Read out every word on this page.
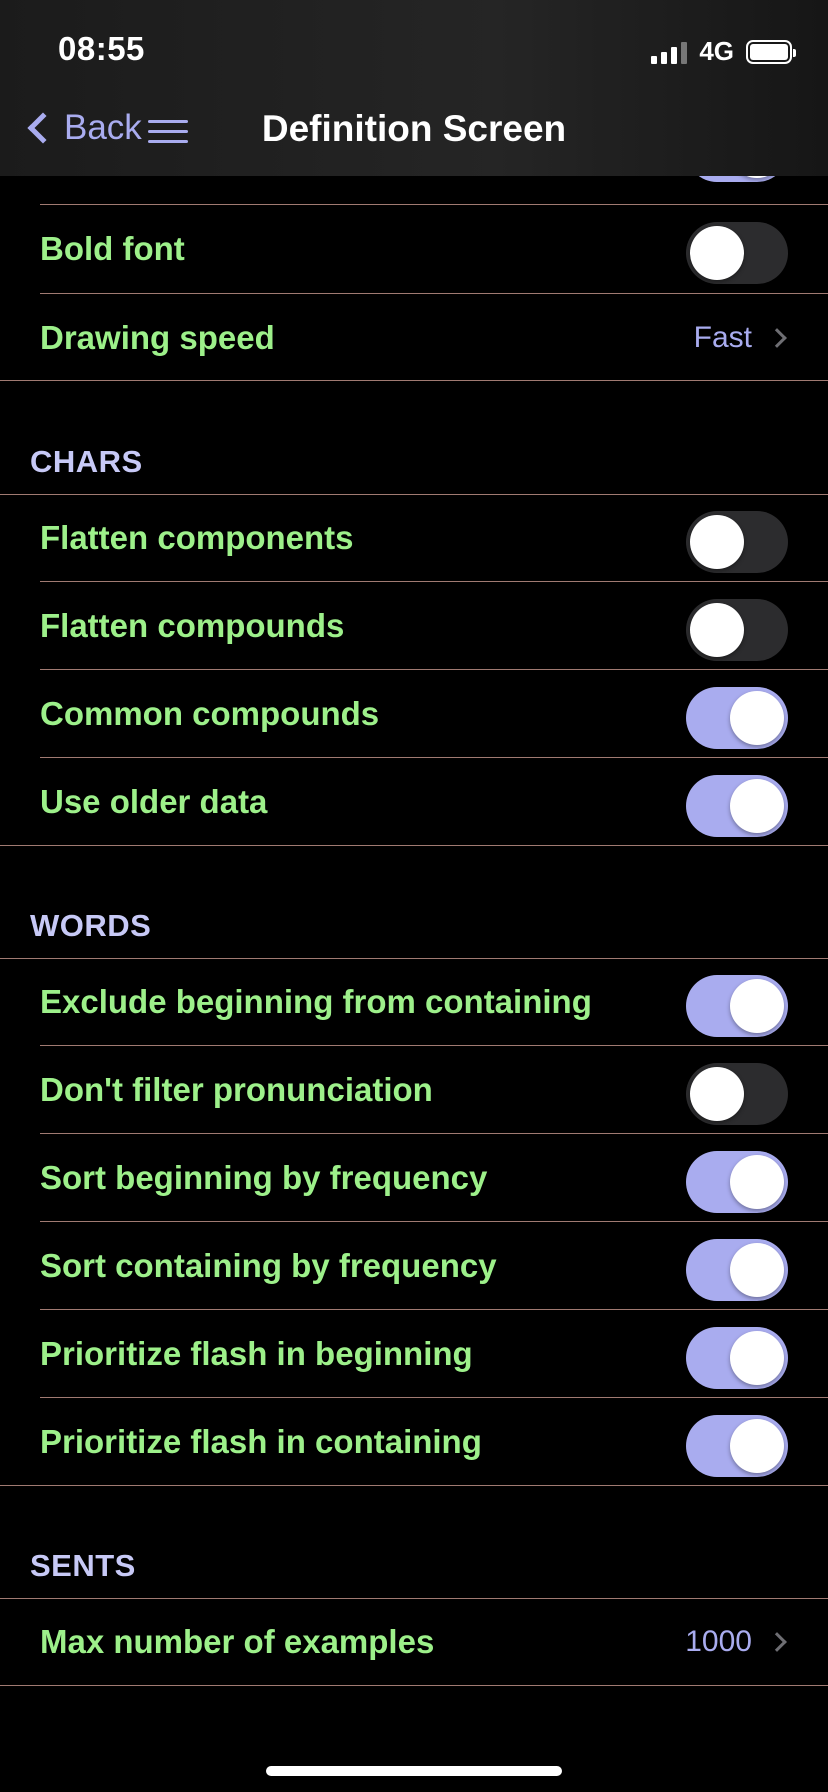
Bold font
Drawing speed	Fast
CHARS
Flatten components
Flatten compounds
Common compounds
Use older data
WORDS
Exclude beginning from containing
Don't filter pronunciation
Sort beginning by frequency
Sort containing by frequency
Prioritize flash in beginning
Prioritize flash in containing
SENTS
Max number of examples	1000
08:55	4G
Back	Definition Screen
